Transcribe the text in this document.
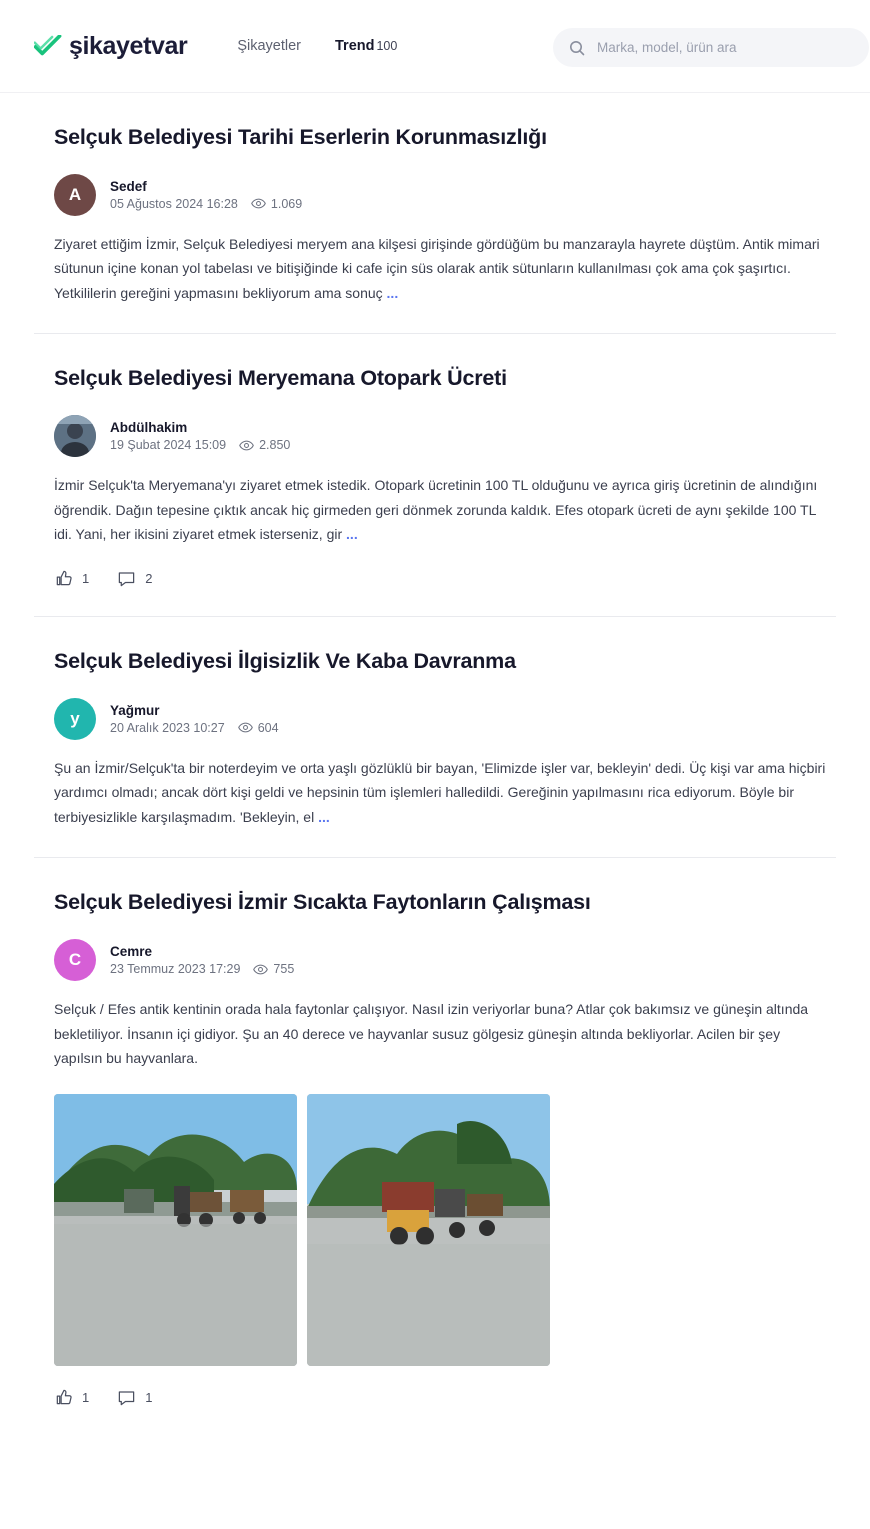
şikayetvar	Şikayetler Trend 100
Marka, model, ürün ara
Selçuk Belediyesi Tarihi Eserlerin Korunmasızlığı
A Sedef
05 Ağustos 2024 16:28	1.069

Ziyaret ettiğim İzmir, Selçuk Belediyesi meryem ana kilşesi girişinde gördüğüm bu manzarayla hayrete düştüm. Antik mimari sütunun içine konan yol tabelası ve bitişiğinde ki cafe için süs olarak antik sütunların kullanılması çok ama çok şaşırtıcı. Yetkililerin gereğini yapmasını bekliyorum ama sonuç ...

Selçuk Belediyesi Meryemana Otopark Ücreti
Abdülhakim
19 Şubat 2024 15:09	2.850

İzmir Selçuk'ta Meryemana'yı ziyaret etmek istedik. Otopark ücretinin 100 TL olduğunu ve ayrıca giriş ücretinin de alındığını öğrendik. Dağın tepesine çıktık ancak hiç girmeden geri dönmek zorunda kaldık. Efes otopark ücreti de aynı şekilde 100 TL idi. Yani, her ikisini ziyaret etmek isterseniz, gir ...

1	2
Selçuk Belediyesi İlgisizlik Ve Kaba Davranma
y Yağmur
20 Aralık 2023 10:27	604

Şu an İzmir/Selçuk'ta bir noterdeyim ve orta yaşlı gözlüklü bir bayan, 'Elimizde işler var, bekleyin' dedi. Üç kişi var ama hiçbiri yardımcı olmadı; ancak dört kişi geldi ve hepsinin tüm işlemleri halledildi. Gereğinin yapılmasını rica ediyorum. Böyle bir terbiyesizlikle karşılaşmadım. 'Bekleyin, el ...

Selçuk Belediyesi İzmir Sıcakta Faytonların Çalışması
C Cemre
23 Temmuz 2023 17:29	755

Selçuk / Efes antik kentinin orada hala faytonlar çalışıyor. Nasıl izin veriyorlar buna? Atlar çok bakımsız ve güneşin altında bekletiliyor. İnsanın içi gidiyor. Şu an 40 derece ve hayvanlar susuz gölgesiz güneşin altında bekliyorlar. Acilen bir şey yapılsın bu hayvanlara.

1	1
